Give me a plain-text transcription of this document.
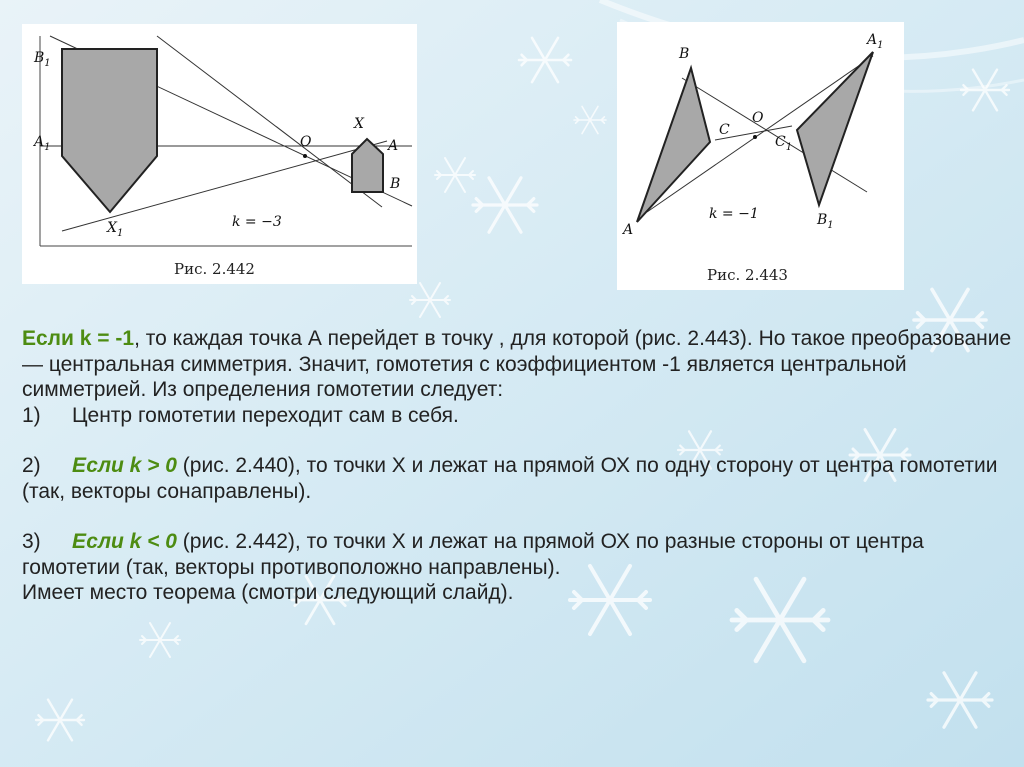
$B_1$
$A_1$
$X_1$
O
X
A
B
k = −3
Рис. 2.442
$A_1$
B
C
O
$C_1$
A
$B_1$
k = −1
Рис. 2.443

Если k = -1, то каждая точка А перейдет в точку , для которой (рис. 2.443). Но такое преобразование — центральная симметрия. Значит, гомотетия с коэффициентом -1 является центральной симметрией. Из определения гомотетии следует:

1) Центр гомотетии переходит сам в себя.

2) Если k > 0 (рис. 2.440), то точки Х и лежат на прямой ОХ по одну сторону от центра гомотетии (так, векторы сонаправлены).

3) Если k < 0 (рис. 2.442), то точки Х и лежат на прямой ОХ по разные стороны от центра гомотетии (так, векторы противоположно направлены).

Имеет место теорема (смотри следующий слайд).
